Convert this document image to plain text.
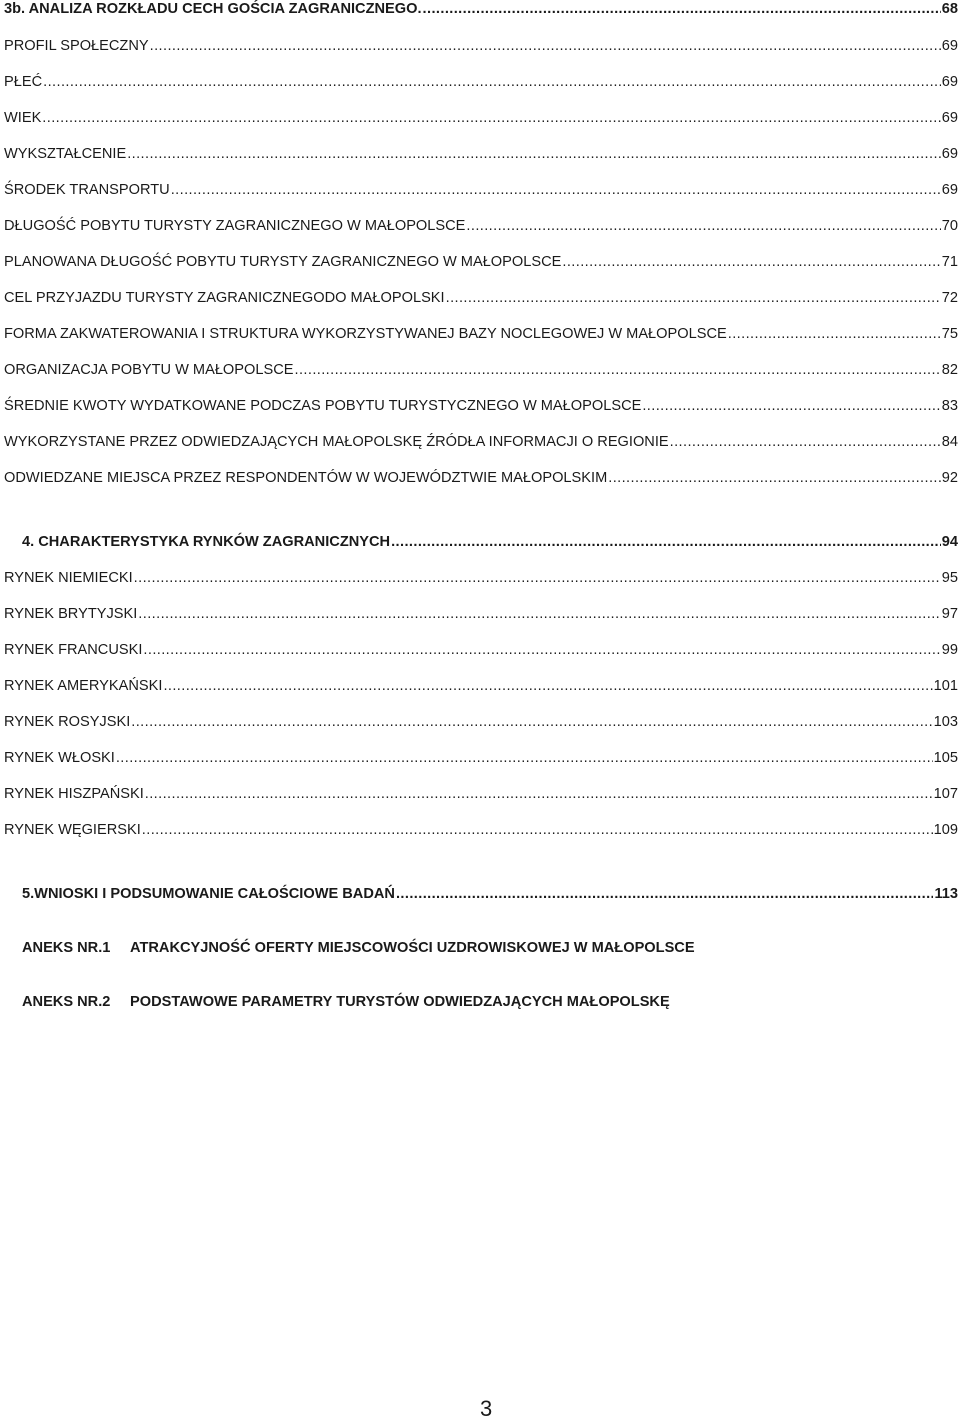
3b. ANALIZA ROZKŁADU CECH GOŚCIA ZAGRANICZNEGO. .....	68
PROFIL SPOŁECZNY .....	69
PŁEĆ .....	69
WIEK .....	69
WYKSZTAŁCENIE .....	69
ŚRODEK TRANSPORTU .....	69
DŁUGOŚĆ POBYTU TURYSTY ZAGRANICZNEGO W MAŁOPOLSCE .....	70
PLANOWANA DŁUGOŚĆ POBYTU TURYSTY ZAGRANICZNEGO W MAŁOPOLSCE .....	71
CEL PRZYJAZDU TURYSTY ZAGRANICZNEGODO MAŁOPOLSKI .....	72
FORMA ZAKWATEROWANIA I STRUKTURA WYKORZYSTYWANEJ BAZY NOCLEGOWEJ W MAŁOPOLSCE .....	75
ORGANIZACJA POBYTU W MAŁOPOLSCE .....	82
ŚREDNIE KWOTY WYDATKOWANE PODCZAS POBYTU TURYSTYCZNEGO W MAŁOPOLSCE .....	83
WYKORZYSTANE PRZEZ ODWIEDZAJĄCYCH MAŁOPOLSKĘ ŹRÓDŁA INFORMACJI O REGIONIE .....	84
ODWIEDZANE MIEJSCA PRZEZ RESPONDENTÓW W WOJEWÓDZTWIE MAŁOPOLSKIM .....	92
4. CHARAKTERYSTYKA RYNKÓW ZAGRANICZNYCH .....	94
RYNEK NIEMIECKI .....	95
RYNEK BRYTYJSKI .....	97
RYNEK FRANCUSKI .....	99
RYNEK AMERYKAŃSKI .....	101
RYNEK ROSYJSKI .....	103
RYNEK WŁOSKI .....	105
RYNEK HISZPAŃSKI .....	107
RYNEK WĘGIERSKI .....	109
5.WNIOSKI I PODSUMOWANIE CAŁOŚCIOWE BADAŃ .....	113
ANEKS NR.1	ATRAKCYJNOŚĆ OFERTY MIEJSCOWOŚCI UZDROWISKOWEJ W MAŁOPOLSCE
ANEKS NR.2	PODSTAWOWE PARAMETRY TURYSTÓW ODWIEDZAJĄCYCH MAŁOPOLSKĘ
3
